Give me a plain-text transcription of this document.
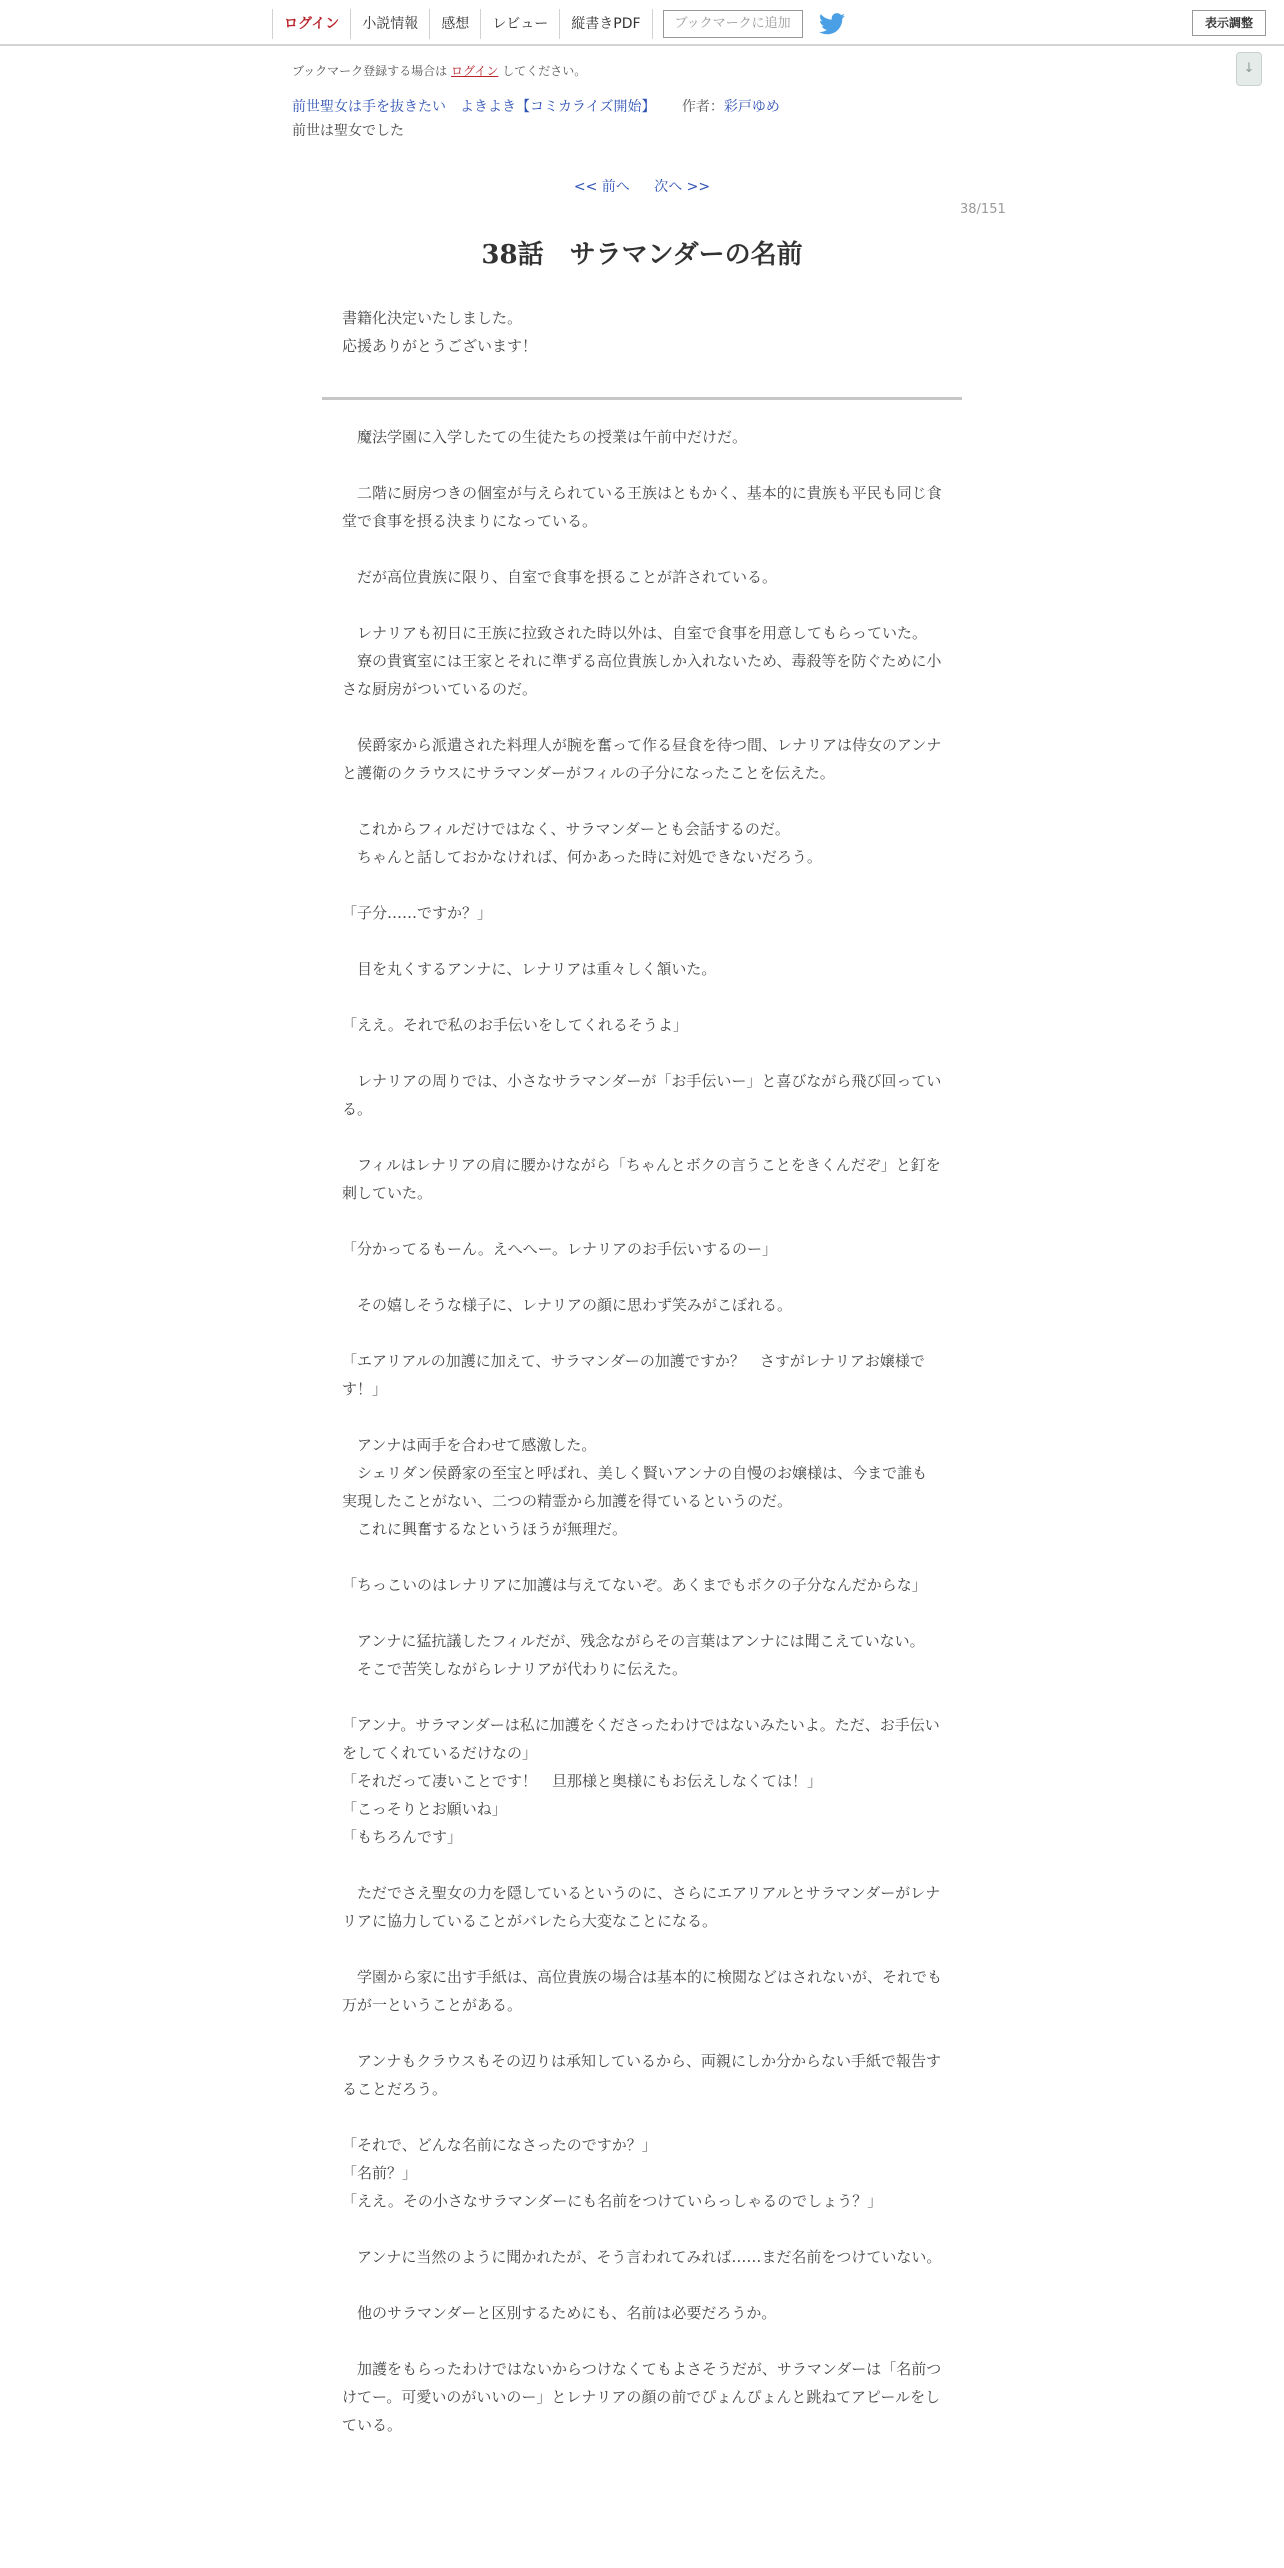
ログイン	小説情報	感想	レビュー	縦書きPDF	ブックマークに追加	表示調整
↓
ブックマーク登録する場合は ログイン してください。
前世聖女は手を抜きたい　よきよき【コミカライズ開始】 作者：彩戸ゆめ
前世は聖女でした
<< 前へ 次へ >>
38/151
38話　サラマンダーの名前

書籍化決定いたしました。

応援ありがとうございます！

　魔法学園に入学したての生徒たちの授業は午前中だけだ。

　二階に厨房つきの個室が与えられている王族はともかく、基本的に貴族も平民も同じ食堂で食事を摂る決まりになっている。

　だが高位貴族に限り、自室で食事を摂ることが許されている。

　レナリアも初日に王族に拉致された時以外は、自室で食事を用意してもらっていた。

　寮の貴賓室には王家とそれに準ずる高位貴族しか入れないため、毒殺等を防ぐために小さな厨房がついているのだ。

　侯爵家から派遣された料理人が腕を奮って作る昼食を待つ間、レナリアは侍女のアンナと護衛のクラウスにサラマンダーがフィルの子分になったことを伝えた。

　これからフィルだけではなく、サラマンダーとも会話するのだ。

　ちゃんと話しておかなければ、何かあった時に対処できないだろう。

「子分……ですか？」

　目を丸くするアンナに、レナリアは重々しく頷いた。

「ええ。それで私のお手伝いをしてくれるそうよ」

　レナリアの周りでは、小さなサラマンダーが「お手伝いー」と喜びながら飛び回っている。

　フィルはレナリアの肩に腰かけながら「ちゃんとボクの言うことをきくんだぞ」と釘を刺していた。

「分かってるもーん。えへへー。レナリアのお手伝いするのー」

　その嬉しそうな様子に、レナリアの顔に思わず笑みがこぼれる。

「エアリアルの加護に加えて、サラマンダーの加護ですか？　さすがレナリアお嬢様です！」

　アンナは両手を合わせて感激した。

　シェリダン侯爵家の至宝と呼ばれ、美しく賢いアンナの自慢のお嬢様は、今まで誰も実現したことがない、二つの精霊から加護を得ているというのだ。

　これに興奮するなというほうが無理だ。

「ちっこいのはレナリアに加護は与えてないぞ。あくまでもボクの子分なんだからな」

　アンナに猛抗議したフィルだが、残念ながらその言葉はアンナには聞こえていない。

　そこで苦笑しながらレナリアが代わりに伝えた。

「アンナ。サラマンダーは私に加護をくださったわけではないみたいよ。ただ、お手伝いをしてくれているだけなの」

「それだって凄いことです！　旦那様と奥様にもお伝えしなくては！」

「こっそりとお願いね」

「もちろんです」

　ただでさえ聖女の力を隠しているというのに、さらにエアリアルとサラマンダーがレナリアに協力していることがバレたら大変なことになる。

　学園から家に出す手紙は、高位貴族の場合は基本的に検閲などはされないが、それでも万が一ということがある。

　アンナもクラウスもその辺りは承知しているから、両親にしか分からない手紙で報告することだろう。

「それで、どんな名前になさったのですか？」

「名前？」

「ええ。その小さなサラマンダーにも名前をつけていらっしゃるのでしょう？」

　アンナに当然のように聞かれたが、そう言われてみれば……まだ名前をつけていない。

　他のサラマンダーと区別するためにも、名前は必要だろうか。

　加護をもらったわけではないからつけなくてもよさそうだが、サラマンダーは「名前つけてー。可愛いのがいいのー」とレナリアの顔の前でぴょんぴょんと跳ねてアピールをしている。
